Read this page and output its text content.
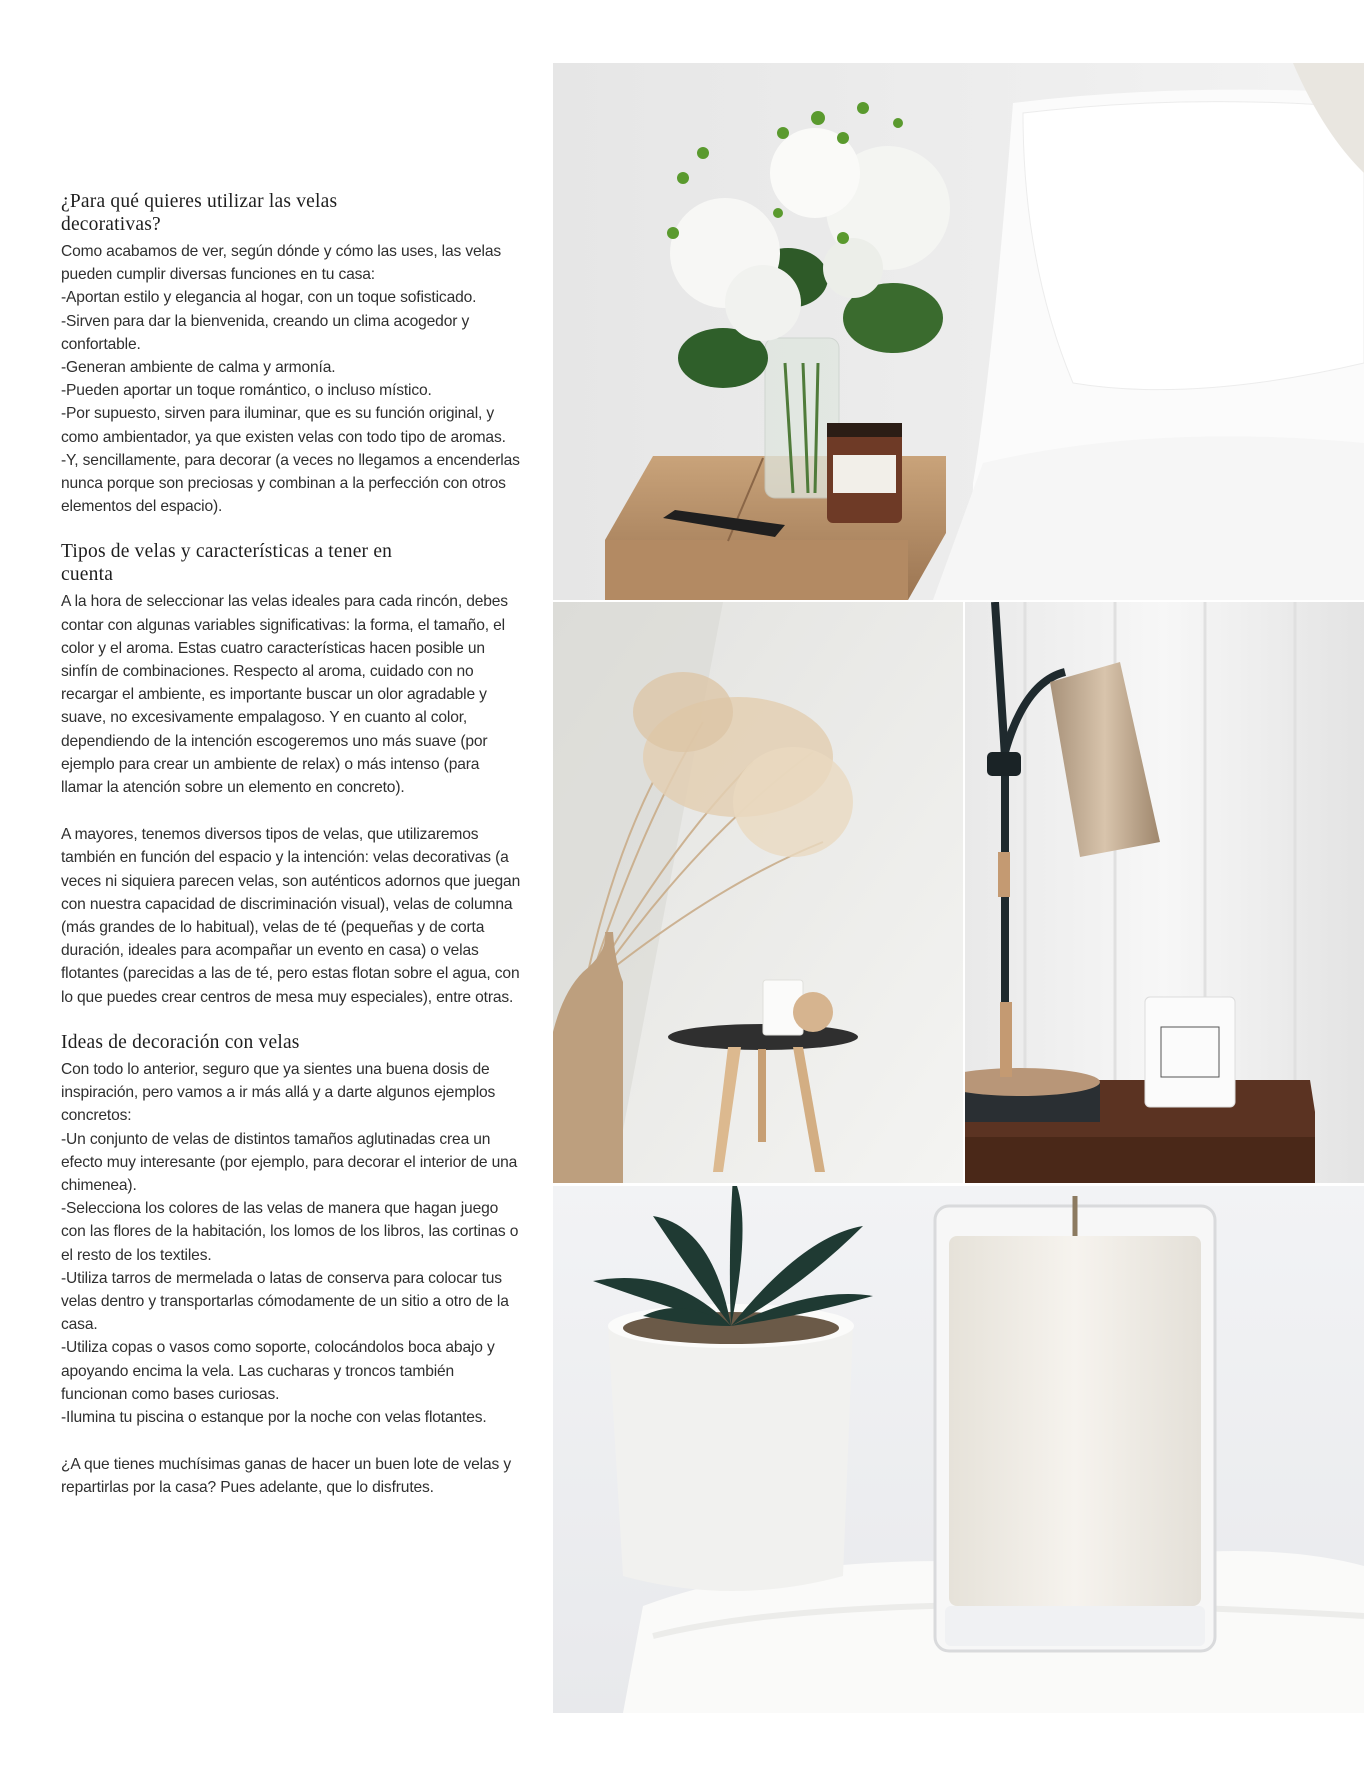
¿Para qué quieres utilizar las velas decorativas?

Como acabamos de ver, según dónde y cómo las uses, las velas pueden cumplir diversas funciones en tu casa:
-Aportan estilo y elegancia al hogar, con un toque sofisticado.
-Sirven para dar la bienvenida, creando un clima acogedor y confortable.
-Generan ambiente de calma y armonía.
-Pueden aportar un toque romántico, o incluso místico.
-Por supuesto, sirven para iluminar, que es su función original, y como ambientador, ya que existen velas con todo tipo de aromas.
-Y, sencillamente, para decorar (a veces no llegamos a encenderlas nunca porque son preciosas y combinan a la perfección con otros elementos del espacio).

Tipos de velas y características a tener en cuenta

A la hora de seleccionar las velas ideales para cada rincón, debes contar con algunas variables significativas: la forma, el tamaño, el color y el aroma. Estas cuatro características hacen posible un sinfín de combinaciones. Respecto al aroma, cuidado con no recargar el ambiente, es importante buscar un olor agradable y suave, no excesivamente empalagoso. Y en cuanto al color, dependiendo de la intención escogeremos uno más suave (por ejemplo para crear un ambiente de relax) o más intenso (para llamar la atención sobre un elemento en concreto).

A mayores, tenemos diversos tipos de velas, que utilizaremos también en función del espacio y la intención: velas decorativas (a veces ni siquiera parecen velas, son auténticos adornos que juegan con nuestra capacidad de discriminación visual), velas de columna (más grandes de lo habitual), velas de té (pequeñas y de corta duración, ideales para acompañar un evento en casa) o velas flotantes (parecidas a las de té, pero estas flotan sobre el agua, con lo que puedes crear centros de mesa muy especiales), entre otras.

Ideas de decoración con velas

Con todo lo anterior, seguro que ya sientes una buena dosis de inspiración, pero vamos a ir más allá y a darte algunos ejemplos concretos:
-Un conjunto de velas de distintos tamaños aglutinadas crea un efecto muy interesante (por ejemplo, para decorar el interior de una chimenea).
-Selecciona los colores de las velas de manera que hagan juego con las flores de la habitación, los lomos de los libros, las cortinas o el resto de los textiles.
-Utiliza tarros de mermelada o latas de conserva para colocar tus velas dentro y transportarlas cómodamente de un sitio a otro de la casa.
-Utiliza copas o vasos como soporte, colocándolos boca abajo y apoyando encima la vela. Las cucharas y troncos también funcionan como bases curiosas.
-Ilumina tu piscina o estanque por la noche con velas flotantes.

¿A que tienes muchísimas ganas de hacer un buen lote de velas y repartirlas por la casa? Pues adelante, que lo disfrutes.
